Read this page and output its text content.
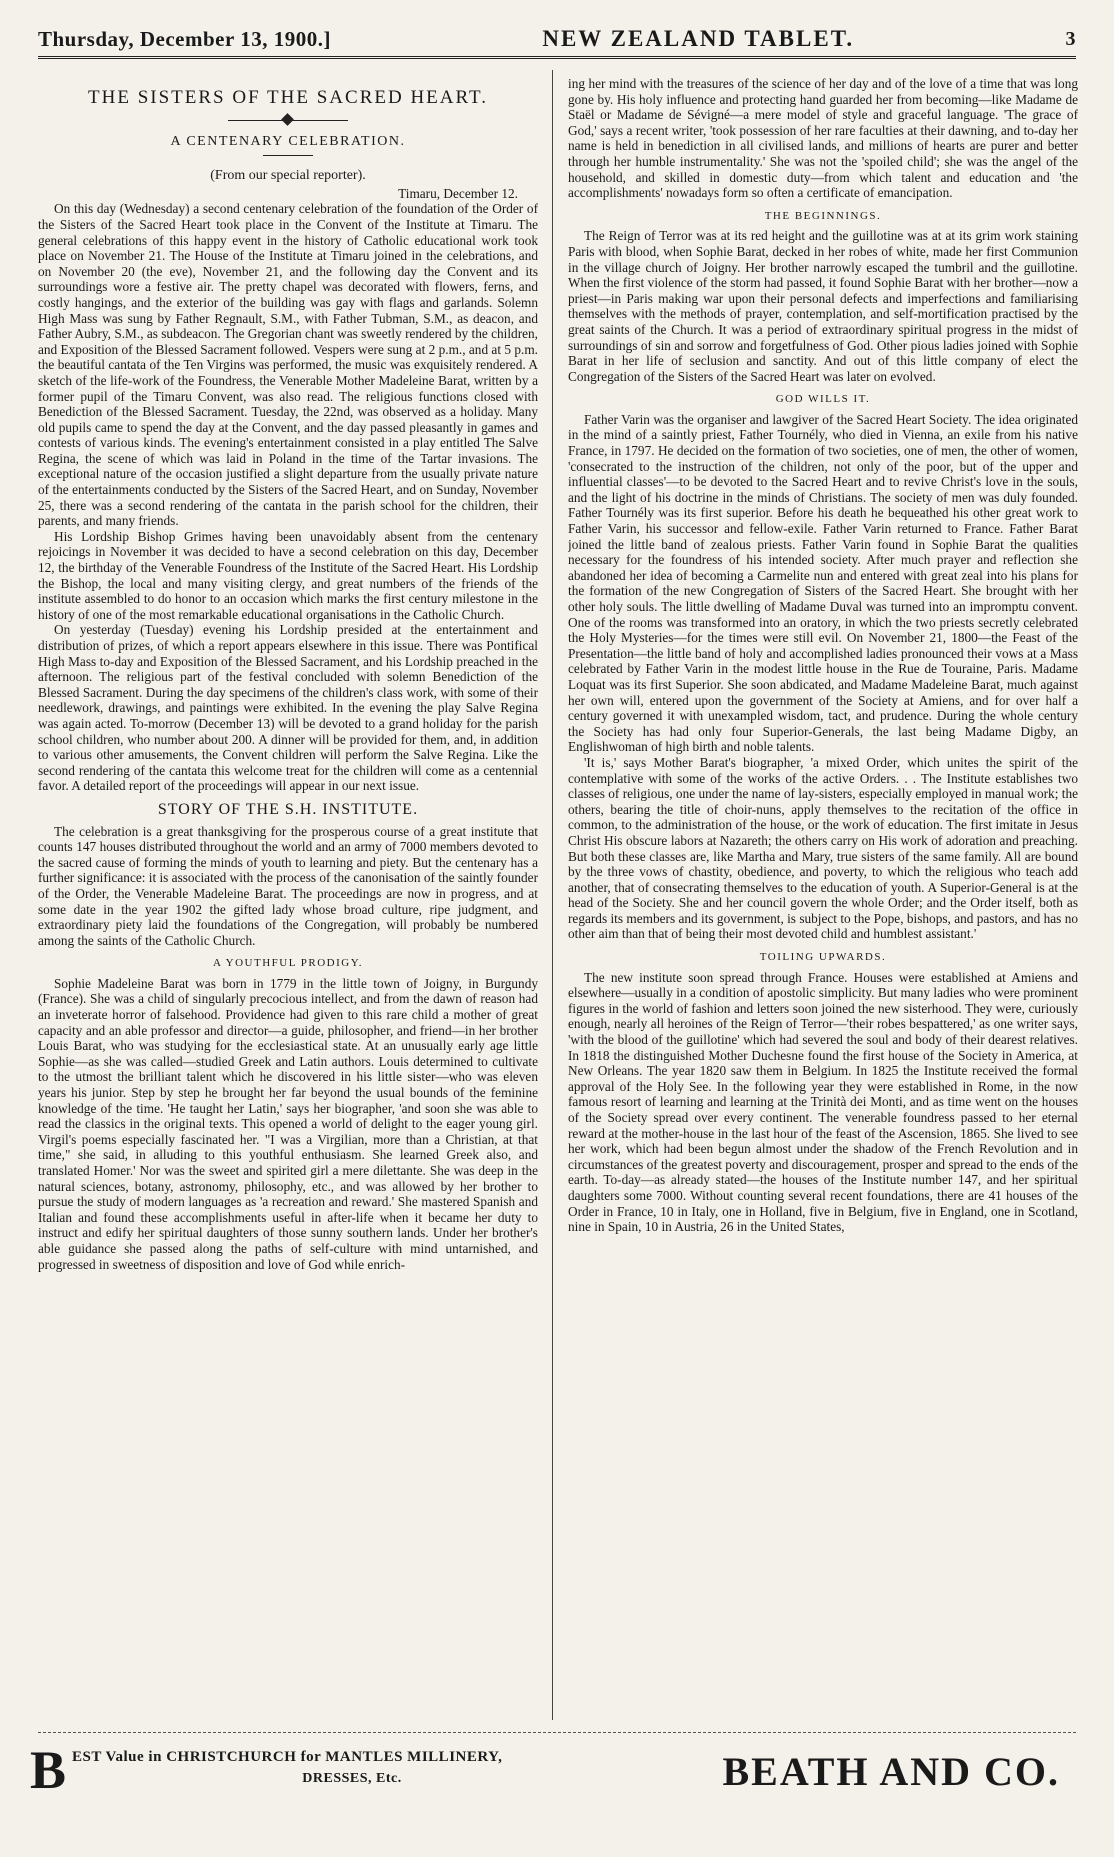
Thursday, December 13, 1900.]	NEW ZEALAND TABLET.	3
THE SISTERS OF THE SACRED HEART.
A CENTENARY CELEBRATION.
(From our special reporter).

Timaru, December 12.

On this day (Wednesday) a second centenary celebration of the foundation of the Order of the Sisters of the Sacred Heart took place in the Convent of the Institute at Timaru. The general celebrations of this happy event in the history of Catholic educational work took place on November 21. The House of the Institute at Timaru joined in the celebrations, and on November 20 (the eve), November 21, and the following day the Convent and its surroundings wore a festive air. The pretty chapel was decorated with flowers, ferns, and costly hangings, and the exterior of the building was gay with flags and garlands. Solemn High Mass was sung by Father Regnault, S.M., with Father Tubman, S.M., as deacon, and Father Aubry, S.M., as subdeacon. The Gregorian chant was sweetly rendered by the children, and Exposition of the Blessed Sacrament followed. Vespers were sung at 2 p.m., and at 5 p.m. the beautiful cantata of the Ten Virgins was performed, the music was exquisitely rendered. A sketch of the life-work of the Foundress, the Venerable Mother Madeleine Barat, written by a former pupil of the Timaru Convent, was also read. The religious functions closed with Benediction of the Blessed Sacrament. Tuesday, the 22nd, was observed as a holiday. Many old pupils came to spend the day at the Convent, and the day passed pleasantly in games and contests of various kinds. The evening's entertainment consisted in a play entitled The Salve Regina, the scene of which was laid in Poland in the time of the Tartar invasions. The exceptional nature of the occasion justified a slight departure from the usually private nature of the entertainments conducted by the Sisters of the Sacred Heart, and on Sunday, November 25, there was a second rendering of the cantata in the parish school for the children, their parents, and many friends.

His Lordship Bishop Grimes having been unavoidably absent from the centenary rejoicings in November it was decided to have a second celebration on this day, December 12, the birthday of the Venerable Foundress of the Institute of the Sacred Heart. His Lordship the Bishop, the local and many visiting clergy, and great numbers of the friends of the institute assembled to do honor to an occasion which marks the first century milestone in the history of one of the most remarkable educational organisations in the Catholic Church.

On yesterday (Tuesday) evening his Lordship presided at the entertainment and distribution of prizes, of which a report appears elsewhere in this issue. There was Pontifical High Mass to-day and Exposition of the Blessed Sacrament, and his Lordship preached in the afternoon. The religious part of the festival concluded with solemn Benediction of the Blessed Sacrament. During the day specimens of the children's class work, with some of their needlework, drawings, and paintings were exhibited. In the evening the play Salve Regina was again acted. To-morrow (December 13) will be devoted to a grand holiday for the parish school children, who number about 200. A dinner will be provided for them, and, in addition to various other amusements, the Convent children will perform the Salve Regina. Like the second rendering of the cantata this welcome treat for the children will come as a centennial favor. A detailed report of the proceedings will appear in our next issue.

STORY OF THE S.H. INSTITUTE.

The celebration is a great thanksgiving for the prosperous course of a great institute that counts 147 houses distributed throughout the world and an army of 7000 members devoted to the sacred cause of forming the minds of youth to learning and piety. But the centenary has a further significance: it is associated with the process of the canonisation of the saintly founder of the Order, the Venerable Madeleine Barat. The proceedings are now in progress, and at some date in the year 1902 the gifted lady whose broad culture, ripe judgment, and extraordinary piety laid the foundations of the Congregation, will probably be numbered among the saints of the Catholic Church.

A YOUTHFUL PRODIGY.

Sophie Madeleine Barat was born in 1779 in the little town of Joigny, in Burgundy (France). She was a child of singularly precocious intellect, and from the dawn of reason had an inveterate horror of falsehood. Providence had given to this rare child a mother of great capacity and an able professor and director—a guide, philosopher, and friend—in her brother Louis Barat, who was studying for the ecclesiastical state. At an unusually early age little Sophie—as she was called—studied Greek and Latin authors. Louis determined to cultivate to the utmost the brilliant talent which he discovered in his little sister—who was eleven years his junior. Step by step he brought her far beyond the usual bounds of the feminine knowledge of the time. 'He taught her Latin,' says her biographer, 'and soon she was able to read the classics in the original texts. This opened a world of delight to the eager young girl. Virgil's poems especially fascinated her. "I was a Virgilian, more than a Christian, at that time," she said, in alluding to this youthful enthusiasm. She learned Greek also, and translated Homer.' Nor was the sweet and spirited girl a mere dilettante. She was deep in the natural sciences, botany, astronomy, philosophy, etc., and was allowed by her brother to pursue the study of modern languages as 'a recreation and reward.' She mastered Spanish and Italian and found these accomplishments useful in after-life when it became her duty to instruct and edify her spiritual daughters of those sunny southern lands. Under her brother's able guidance she passed along the paths of self-culture with mind untarnished, and progressed in sweetness of disposition and love of God while enrich-

ing her mind with the treasures of the science of her day and of the love of a time that was long gone by. His holy influence and protecting hand guarded her from becoming—like Madame de Staël or Madame de Sévigné—a mere model of style and graceful language. 'The grace of God,' says a recent writer, 'took possession of her rare faculties at their dawning, and to-day her name is held in benediction in all civilised lands, and millions of hearts are purer and better through her humble instrumentality.' She was not the 'spoiled child'; she was the angel of the household, and skilled in domestic duty—from which talent and education and 'the accomplishments' nowadays form so often a certificate of emancipation.

THE BEGINNINGS.

The Reign of Terror was at its red height and the guillotine was at at its grim work staining Paris with blood, when Sophie Barat, decked in her robes of white, made her first Communion in the village church of Joigny. Her brother narrowly escaped the tumbril and the guillotine. When the first violence of the storm had passed, it found Sophie Barat with her brother—now a priest—in Paris making war upon their personal defects and imperfections and familiarising themselves with the methods of prayer, contemplation, and self-mortification practised by the great saints of the Church. It was a period of extraordinary spiritual progress in the midst of surroundings of sin and sorrow and forgetfulness of God. Other pious ladies joined with Sophie Barat in her life of seclusion and sanctity. And out of this little company of elect the Congregation of the Sisters of the Sacred Heart was later on evolved.

GOD WILLS IT.

Father Varin was the organiser and lawgiver of the Sacred Heart Society. The idea originated in the mind of a saintly priest, Father Tournély, who died in Vienna, an exile from his native France, in 1797. He decided on the formation of two societies, one of men, the other of women, 'consecrated to the instruction of the children, not only of the poor, but of the upper and influential classes'—to be devoted to the Sacred Heart and to revive Christ's love in the souls, and the light of his doctrine in the minds of Christians. The society of men was duly founded. Father Tournély was its first superior. Before his death he bequeathed his other great work to Father Varin, his successor and fellow-exile. Father Varin returned to France. Father Barat joined the little band of zealous priests. Father Varin found in Sophie Barat the qualities necessary for the foundress of his intended society. After much prayer and reflection she abandoned her idea of becoming a Carmelite nun and entered with great zeal into his plans for the formation of the new Congregation of Sisters of the Sacred Heart. She brought with her other holy souls. The little dwelling of Madame Duval was turned into an impromptu convent. One of the rooms was transformed into an oratory, in which the two priests secretly celebrated the Holy Mysteries—for the times were still evil. On November 21, 1800—the Feast of the Presentation—the little band of holy and accomplished ladies pronounced their vows at a Mass celebrated by Father Varin in the modest little house in the Rue de Touraine, Paris. Madame Loquat was its first Superior. She soon abdicated, and Madame Madeleine Barat, much against her own will, entered upon the government of the Society at Amiens, and for over half a century governed it with unexampled wisdom, tact, and prudence. During the whole century the Society has had only four Superior-Generals, the last being Madame Digby, an Englishwoman of high birth and noble talents.

'It is,' says Mother Barat's biographer, 'a mixed Order, which unites the spirit of the contemplative with some of the works of the active Orders. . . The Institute establishes two classes of religious, one under the name of lay-sisters, especially employed in manual work; the others, bearing the title of choir-nuns, apply themselves to the recitation of the office in common, to the administration of the house, or the work of education. The first imitate in Jesus Christ His obscure labors at Nazareth; the others carry on His work of adoration and preaching. But both these classes are, like Martha and Mary, true sisters of the same family. All are bound by the three vows of chastity, obedience, and poverty, to which the religious who teach add another, that of consecrating themselves to the education of youth. A Superior-General is at the head of the Society. She and her council govern the whole Order; and the Order itself, both as regards its members and its government, is subject to the Pope, bishops, and pastors, and has no other aim than that of being their most devoted child and humblest assistant.'

TOILING UPWARDS.

The new institute soon spread through France. Houses were established at Amiens and elsewhere—usually in a condition of apostolic simplicity. But many ladies who were prominent figures in the world of fashion and letters soon joined the new sisterhood. They were, curiously enough, nearly all heroines of the Reign of Terror—'their robes bespattered,' as one writer says, 'with the blood of the guillotine' which had severed the soul and body of their dearest relatives. In 1818 the distinguished Mother Duchesne found the first house of the Society in America, at New Orleans. The year 1820 saw them in Belgium. In 1825 the Institute received the formal approval of the Holy See. In the following year they were established in Rome, in the now famous resort of learning and learning at the Trinità dei Monti, and as time went on the houses of the Society spread over every continent. The venerable foundress passed to her eternal reward at the mother-house in the last hour of the feast of the Ascension, 1865. She lived to see her work, which had been begun almost under the shadow of the French Revolution and in circumstances of the greatest poverty and discouragement, prosper and spread to the ends of the earth. To-day—as already stated—the houses of the Institute number 147, and her spiritual daughters some 7000. Without counting several recent foundations, there are 41 houses of the Order in France, 10 in Italy, one in Holland, five in Belgium, five in England, one in Scotland, nine in Spain, 10 in Austria, 26 in the United States,

B EST Value in CHRISTCHURCH for MANTLES MILLINERY,
DRESSES, Etc.	BEATH AND CO.
